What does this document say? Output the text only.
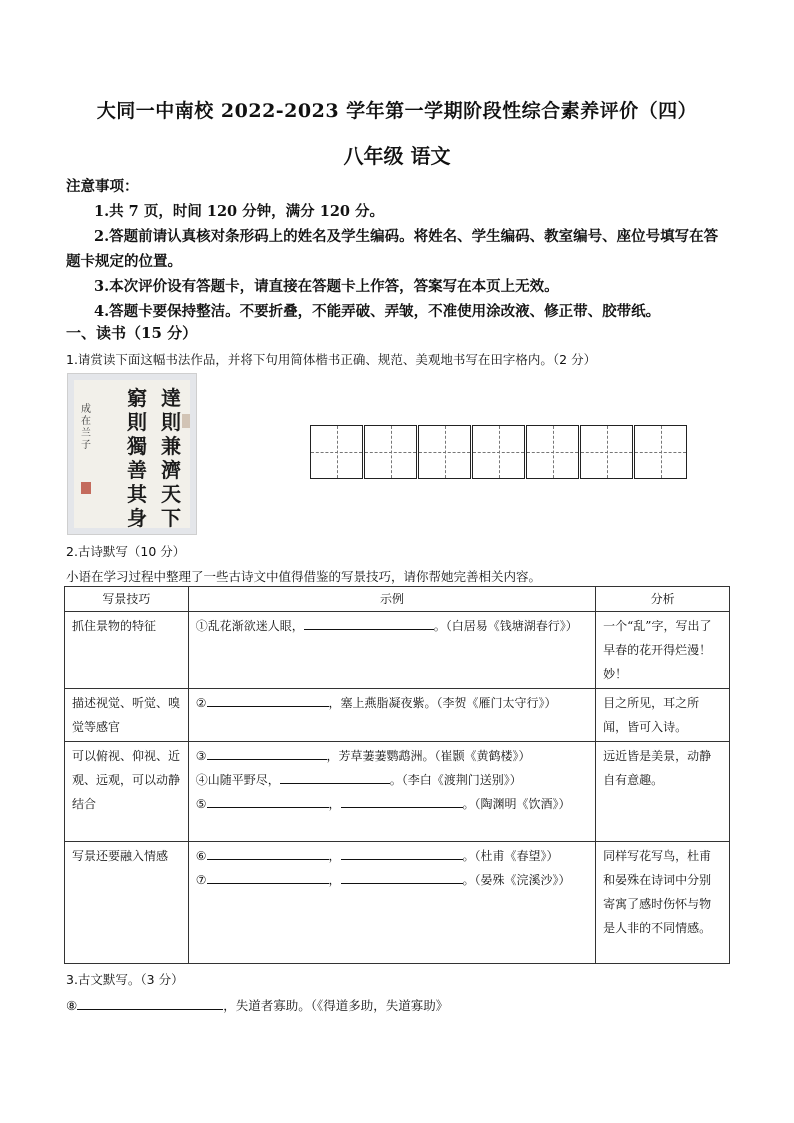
大同一中南校 2022-2023 学年第一学期阶段性综合素养评价（四）
八年级 语文

注意事项：

1.共 7 页，时间 120 分钟，满分 120 分。

2.答题前请认真核对条形码上的姓名及学生编码。将姓名、学生编码、教室编号、座位号填写在答题卡规定的位置。

3.本次评价设有答题卡，请直接在答题卡上作答，答案写在本页上无效。

4.答题卡要保持整洁。不要折叠，不能弄破、弄皱，不准使用涂改液、修正带、胶带纸。

一、读书（15 分）
1.请赏读下面这幅书法作品，并将下句用简体楷书正确、规范、美观地书写在田字格内。（2 分）
達
則
兼
濟
天
下
窮
則
獨
善
其
身
成
在
兰
子
2.古诗默写（10 分）
小语在学习过程中整理了一些古诗文中值得借鉴的写景技巧，请你帮她完善相关内容。
写景技巧	示例	分析
抓住景物的特征	①乱花渐欲迷人眼， 。（白居易《钱塘湖春行》）	一个“乱”字，写出了早春的花开得烂漫！妙！
描述视觉、听觉、嗅觉等感官	② ，塞上燕脂凝夜紫。（李贺《雁门太守行》）	目之所见，耳之所闻，皆可入诗。
可以俯视、仰视、近观、远观，可以动静结合	③ ，芳草萋萋鹦鹉洲。（崔颢《黄鹤楼》）
④山随平野尽， 。（李白《渡荆门送别》）
⑤ ， 。（陶渊明《饮酒》）	远近皆是美景，动静自有意趣。
写景还要融入情感	⑥ ， 。（杜甫《春望》）
⑦ ， 。（晏殊《浣溪沙》）	同样写花写鸟，杜甫和晏殊在诗词中分别寄寓了感时伤怀与物是人非的不同情感。
3.古文默写。（3 分）
⑧	，失道者寡助。（《得道多助，失道寡助》
